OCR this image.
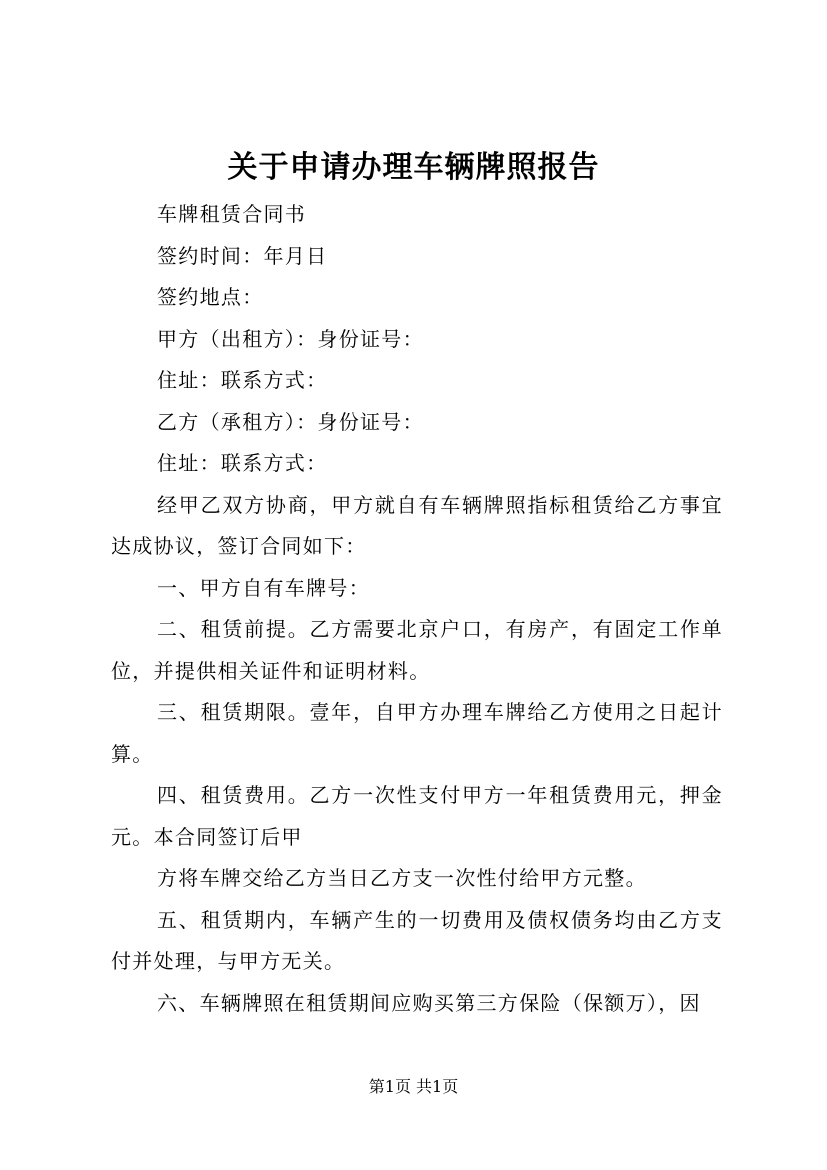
关于申请办理车辆牌照报告

车牌租赁合同书

签约时间：年月日

签约地点：

甲方（出租方）：身份证号：

住址：联系方式：

乙方（承租方）：身份证号：

住址：联系方式：

经甲乙双方协商，甲方就自有车辆牌照指标租赁给乙方事宜达成协议，签订合同如下：

一、甲方自有车牌号：

二、租赁前提。乙方需要北京户口，有房产，有固定工作单位，并提供相关证件和证明材料。

三、租赁期限。壹年，自甲方办理车牌给乙方使用之日起计算。

四、租赁费用。乙方一次性支付甲方一年租赁费用元，押金元。本合同签订后甲

方将车牌交给乙方当日乙方支一次性付给甲方元整。

五、租赁期内，车辆产生的一切费用及债权债务均由乙方支付并处理，与甲方无关。

六、车辆牌照在租赁期间应购买第三方保险（保额万），因

第1页 共1页
